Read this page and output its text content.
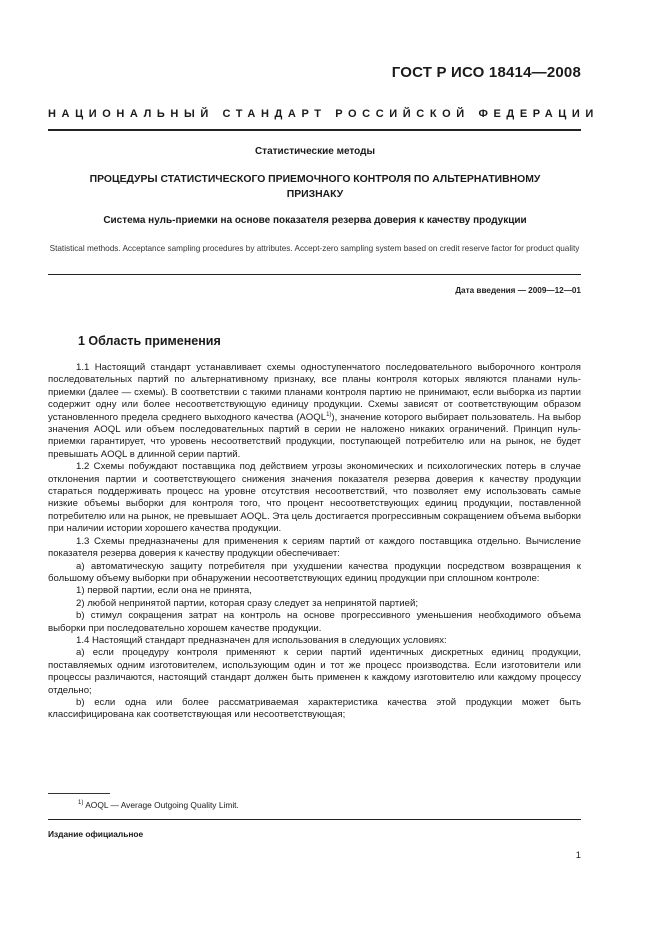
ГОСТ Р ИСО 18414—2008
НАЦИОНАЛЬНЫЙ СТАНДАРТ РОССИЙСКОЙ ФЕДЕРАЦИИ
Статистические методы
ПРОЦЕДУРЫ СТАТИСТИЧЕСКОГО ПРИЕМОЧНОГО КОНТРОЛЯ ПО АЛЬТЕРНАТИВНОМУ ПРИЗНАКУ
Система нуль-приемки на основе показателя резерва доверия к качеству продукции
Statistical methods. Acceptance sampling procedures by attributes. Accept-zero sampling system based on credit reserve factor for product quality
Дата введения — 2009—12—01
1 Область применения

1.1 Настоящий стандарт устанавливает схемы одноступенчатого последовательного выборочного контроля последовательных партий по альтернативному признаку, все планы контроля которых являются планами нуль-приемки (далее — схемы). В соответствии с такими планами контроля партию не принимают, если выборка из партии содержит одну или более несоответствующую единицу продукции. Схемы зависят от соответствующим образом установленного предела среднего выходного качества (AOQL$^{1)}$), значение которого выбирает пользователь. На выбор значения AOQL или объем последовательных партий в серии не наложено никаких ограничений. Принцип нуль-приемки гарантирует, что уровень несоответствий продукции, поступающей потребителю или на рынок, не будет превышать AOQL в длинной серии партий.

1.2 Схемы побуждают поставщика под действием угрозы экономических и психологических потерь в случае отклонения партии и соответствующего снижения значения показателя резерва доверия к качеству продукции стараться поддерживать процесс на уровне отсутствия несоответствий, что позволяет ему использовать самые низкие объемы выборки для контроля того, что процент несоответствующих единиц продукции, поставленной потребителю или на рынок, не превышает AOQL. Эта цель достигается прогрессивным сокращением объема выборки при наличии истории хорошего качества продукции.

1.3 Схемы предназначены для применения к сериям партий от каждого поставщика отдельно. Вычисление показателя резерва доверия к качеству продукции обеспечивает:

а) автоматическую защиту потребителя при ухудшении качества продукции посредством возвращения к большому объему выборки при обнаружении несоответствующих единиц продукции при сплошном контроле:

1) первой партии, если она не принята,

2) любой непринятой партии, которая сразу следует за непринятой партией;

b) стимул сокращения затрат на контроль на основе прогрессивного уменьшения необходимого объема выборки при последовательно хорошем качестве продукции.

1.4 Настоящий стандарт предназначен для использования в следующих условиях:

а) если процедуру контроля применяют к серии партий идентичных дискретных единиц продукции, поставляемых одним изготовителем, использующим один и тот же процесс производства. Если изготовители или процессы различаются, настоящий стандарт должен быть применен к каждому изготовителю или каждому процессу отдельно;

b) если одна или более рассматриваемая характеристика качества этой продукции может быть классифицирована как соответствующая или несоответствующая;

$^{1)}$ AOQL — Average Outgoing Quality Limit.
Издание официальное
1
